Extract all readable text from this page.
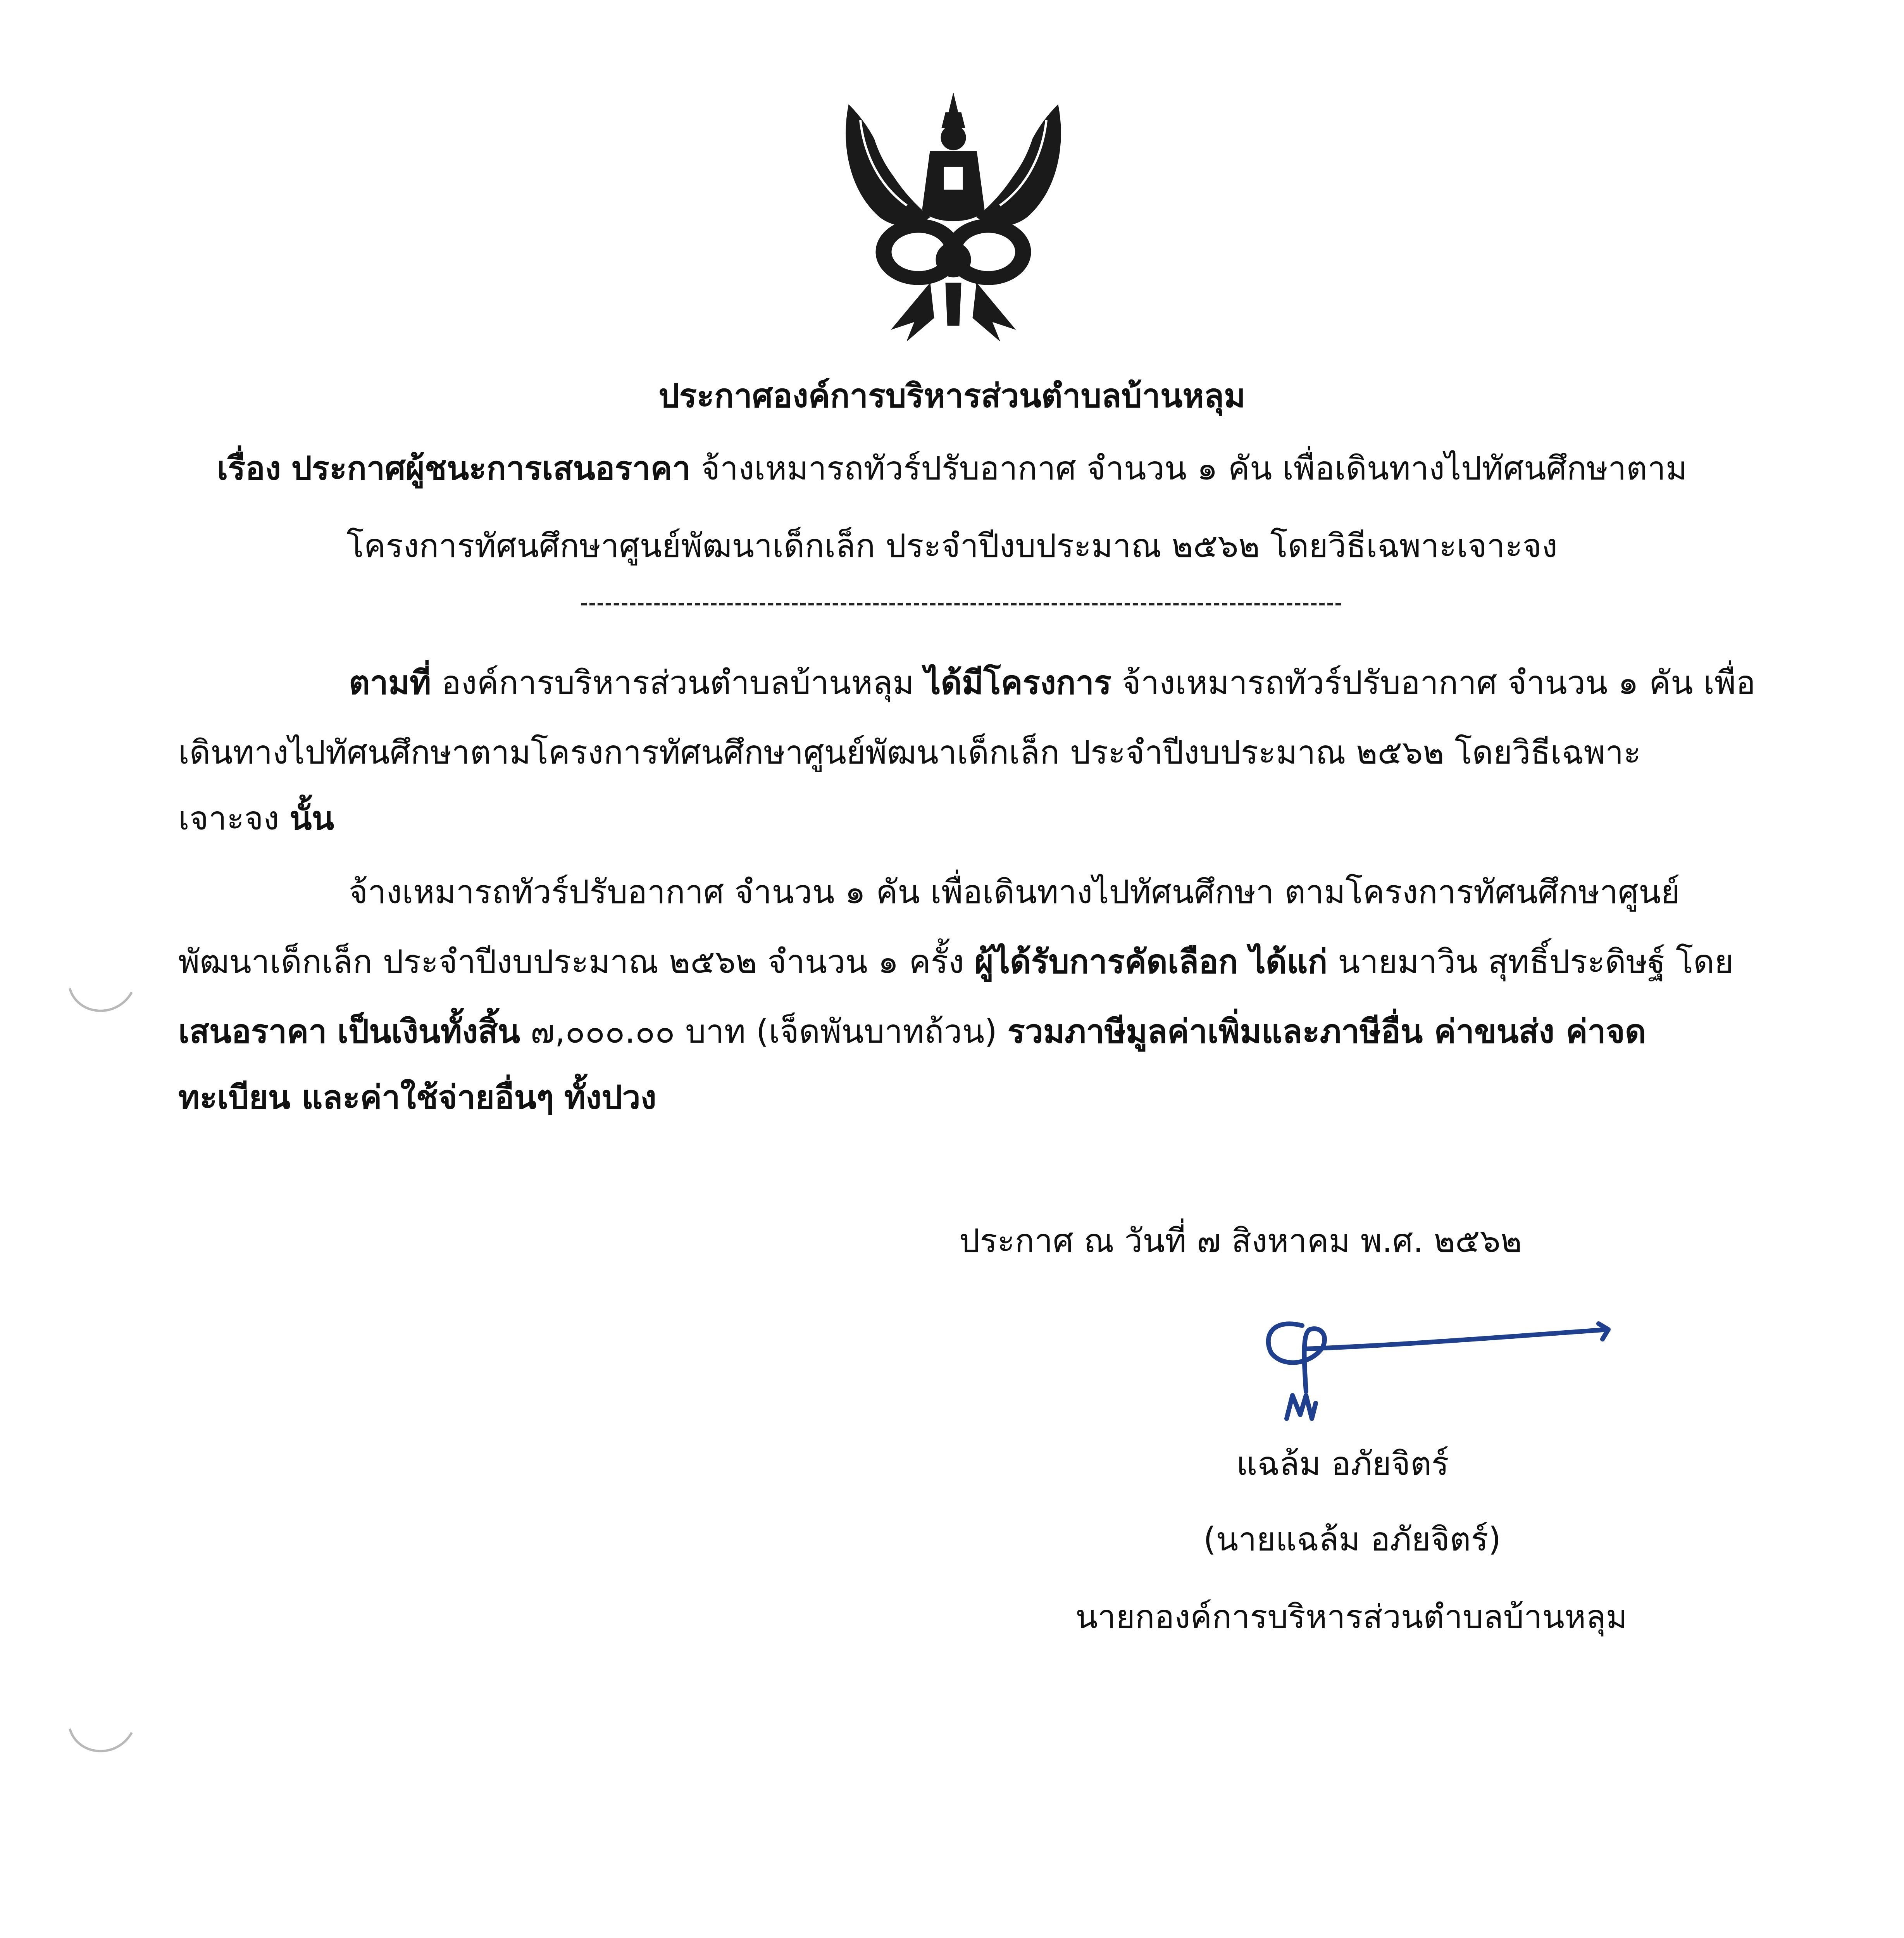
ประกาศองค์การบริหารส่วนตำบลบ้านหลุม
เรื่อง ประกาศผู้ชนะการเสนอราคา จ้างเหมารถทัวร์ปรับอากาศ จำนวน ๑ คัน เพื่อเดินทางไปทัศนศึกษาตาม
โครงการทัศนศึกษาศูนย์พัฒนาเด็กเล็ก ประจำปีงบประมาณ ๒๕๖๒ โดยวิธีเฉพาะเจาะจง
ตามที่ องค์การบริหารส่วนตำบลบ้านหลุม ได้มีโครงการ จ้างเหมารถทัวร์ปรับอากาศ จำนวน ๑ คัน เพื่อ
เดินทางไปทัศนศึกษาตามโครงการทัศนศึกษาศูนย์พัฒนาเด็กเล็ก ประจำปีงบประมาณ ๒๕๖๒ โดยวิธีเฉพาะ
เจาะจง นั้น
จ้างเหมารถทัวร์ปรับอากาศ จำนวน ๑ คัน เพื่อเดินทางไปทัศนศึกษา ตามโครงการทัศนศึกษาศูนย์
พัฒนาเด็กเล็ก ประจำปีงบประมาณ ๒๕๖๒ จำนวน ๑ ครั้ง ผู้ได้รับการคัดเลือก ได้แก่ นายมาวิน สุทธิ์ประดิษฐ์ โดย
เสนอราคา เป็นเงินทั้งสิ้น ๗,๐๐๐.๐๐ บาท (เจ็ดพันบาทถ้วน) รวมภาษีมูลค่าเพิ่มและภาษีอื่น ค่าขนส่ง ค่าจด
ทะเบียน และค่าใช้จ่ายอื่นๆ ทั้งปวง
ประกาศ ณ วันที่ ๗ สิงหาคม พ.ศ. ๒๕๖๒
แฉล้ม อภัยจิตร์
(นายแฉล้ม อภัยจิตร์)
นายกองค์การบริหารส่วนตำบลบ้านหลุม
